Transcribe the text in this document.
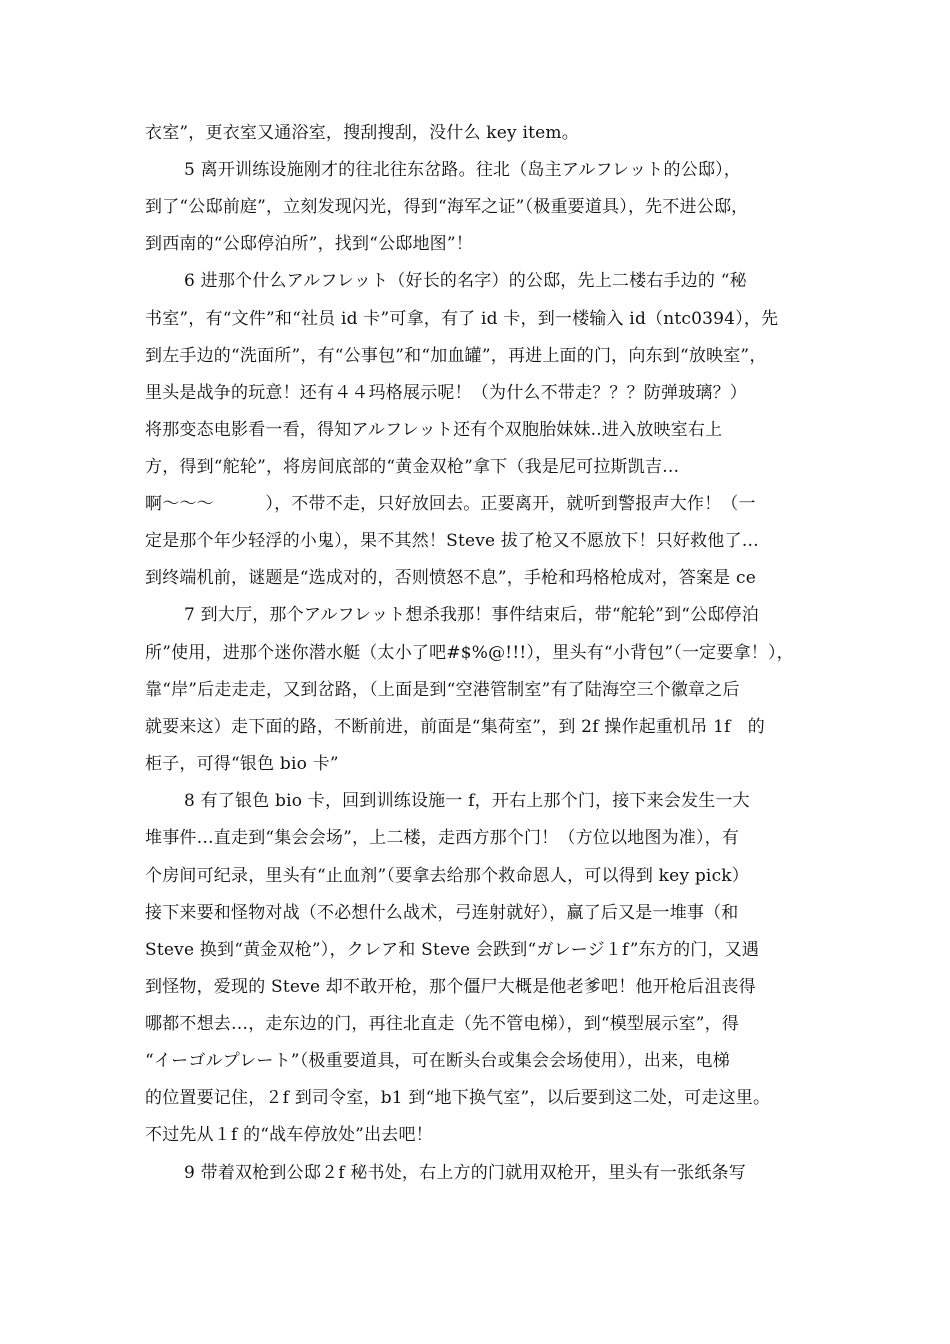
衣室”，更衣室又通浴室，搜刮搜刮，没什么 key item。
5 离开训练设施刚才的往北往东岔路。往北（岛主アルフレット的公邸），
到了“公邸前庭”，立刻发现闪光，得到“海军之证”（极重要道具），先不进公邸，
到西南的“公邸停泊所”，找到“公邸地图”！
6 进那个什么アルフレット（好长的名字）的公邸，先上二楼右手边的 “秘
书室”，有“文件”和“社员 id 卡”可拿，有了 id 卡，到一楼输入 id（ntc0394），先
到左手边的“洗面所”，有“公事包”和“加血罐”，再进上面的门，向东到“放映室”，
里头是战争的玩意！还有４４玛格展示呢！（为什么不带走？？？防弹玻璃？）
将那变态电影看一看，得知アルフレット还有个双胞胎妹妹..进入放映室右上
方，得到“舵轮”，将房间底部的“黄金双枪”拿下（我是尼可拉斯凯吉…
啊～～～　　　），不带不走，只好放回去。正要离开，就听到警报声大作！（一
定是那个年少轻浮的小鬼），果不其然！Steve 拔了枪又不愿放下！只好救他了…
到终端机前，谜题是“选成对的，否则愤怒不息”，手枪和玛格枪成对，答案是 ce
7 到大厅，那个アルフレット想杀我那！事件结束后，带“舵轮”到“公邸停泊
所”使用，进那个迷你潜水艇（太小了吧#$%@!!!），里头有“小背包”（一定要拿！），
靠“岸”后走走走，又到岔路，（上面是到“空港管制室”有了陆海空三个徽章之后
就要来这）走下面的路，不断前进，前面是“集荷室”，到 2f 操作起重机吊 1f　的
柜子，可得“银色 bio 卡”
8 有了银色 bio 卡，回到训练设施一 f，开右上那个门，接下来会发生一大
堆事件…直走到“集会会场”，上二楼，走西方那个门！（方位以地图为准），有
个房间可纪录，里头有“止血剂”（要拿去给那个救命恩人，可以得到 key pick）
接下来要和怪物对战（不必想什么战术，弓连射就好），赢了后又是一堆事（和
Steve 换到“黄金双枪”），クレア和 Steve 会跌到“ガレージ１f”东方的门，又遇
到怪物，爱现的 Steve 却不敢开枪，那个僵尸大概是他老爹吧！他开枪后沮丧得
哪都不想去…，走东边的门，再往北直走（先不管电梯），到“模型展示室”，得
“イーゴルプレート”（极重要道具，可在断头台或集会会场使用），出来，电梯
的位置要记住，２f 到司令室，b1 到“地下换气室”，以后要到这二处，可走这里。
不过先从１f 的“战车停放处”出去吧！
9 带着双枪到公邸２f 秘书处，右上方的门就用双枪开，里头有一张纸条写
